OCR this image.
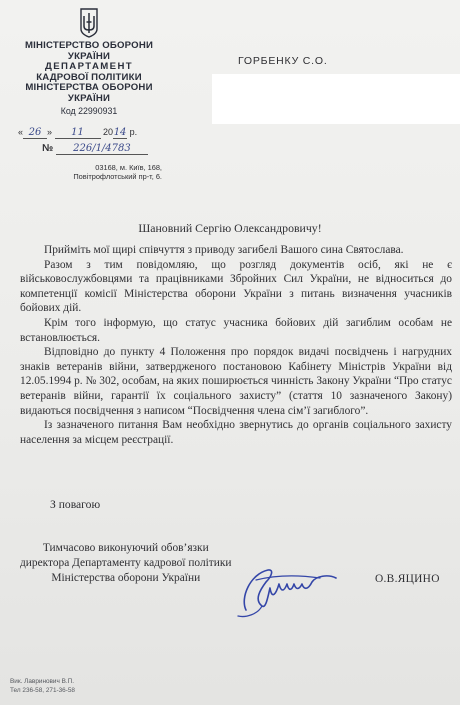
МІНІСТЕРСТВО ОБОРОНИ
УКРАЇНИ
ДЕПАРТАМЕНТ
КАДРОВОЇ ПОЛІТИКИ
МІНІСТЕРСТВА ОБОРОНИ
УКРАЇНИ
Код 22990931
« 26 » 11 2014 р.
№ 226/1/4783
03168, м. Київ, 168,
Повітрофлотський пр-т, 6.
ГОРБЕНКУ С.О.
Шановний Сергію Олександровичу!

Прийміть мої щирі співчуття з приводу загибелі Вашого сина Святослава.

Разом з тим повідомляю, що розгляд документів осіб, які не є військовослужбовцями та працівниками Збройних Сил України, не відноситься до компетенції комісії Міністерства оборони України з питань визначення учасників бойових дій.

Крім того інформую, що статус учасника бойових дій загиблим особам не встановлюється.

Відповідно до пункту 4 Положення про порядок видачі посвідчень і нагрудних знаків ветеранів війни, затвердженого постановою Кабінету Міністрів України від 12.05.1994 р. № 302, особам, на яких поширюється чинність Закону України “Про статус ветеранів війни, гарантії їх соціального захисту” (стаття 10 зазначеного Закону) видаються посвідчення з написом “Посвідчення члена сім’ї загиблого”.

Із зазначеного питання Вам необхідно звернутись до органів соціального захисту населення за місцем реєстрації.

З повагою
Тимчасово виконуючий обов’язки
директора Департаменту кадрової політики
Міністерства оборони України	О.В.ЯЦИНО
Вик. Лавринович В.П.
Тел 236-58, 271-36-58
